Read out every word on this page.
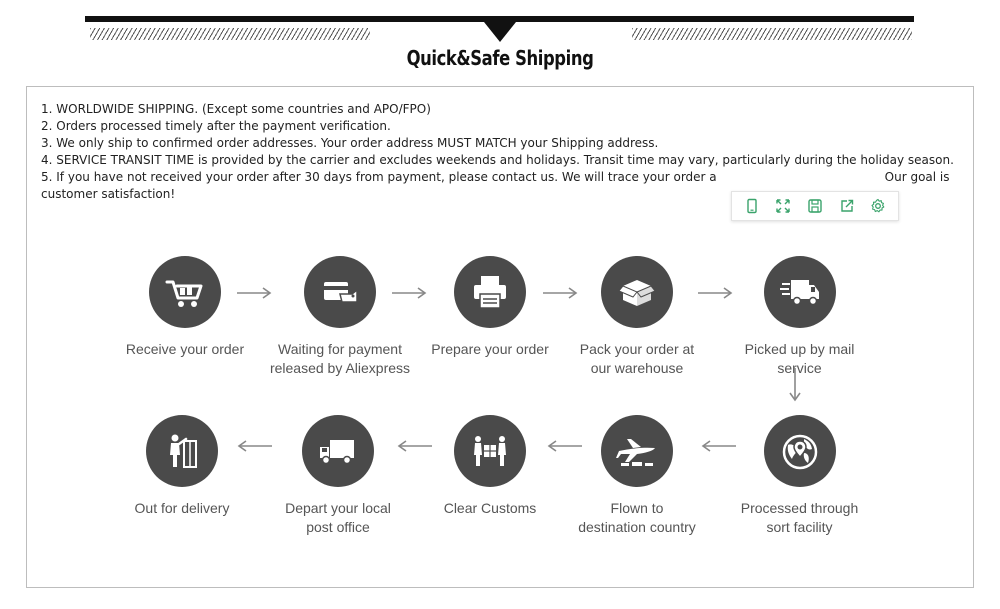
Quick&Safe Shipping

1. WORLDWIDE SHIPPING. (Except some countries and APO/FPO)

2. Orders processed timely after the payment verification.

3. We only ship to confirmed order addresses. Your order address MUST MATCH your Shipping address.

4. SERVICE TRANSIT TIME is provided by the carrier and excludes weekends and holidays. Transit time may vary, particularly during the holiday season.

5. If you have not received your order after 30 days from payment, please contact us. We will trace your order a	Our goal is customer satisfaction!

Receive your order	Waiting for payment
released by Aliexpress
Prepare your order	Pack your order at
our warehouse
Picked up by mail service
Out for delivery	Depart your local
post office
Clear Customs	Flown to
destination country
Processed through
sort facility
